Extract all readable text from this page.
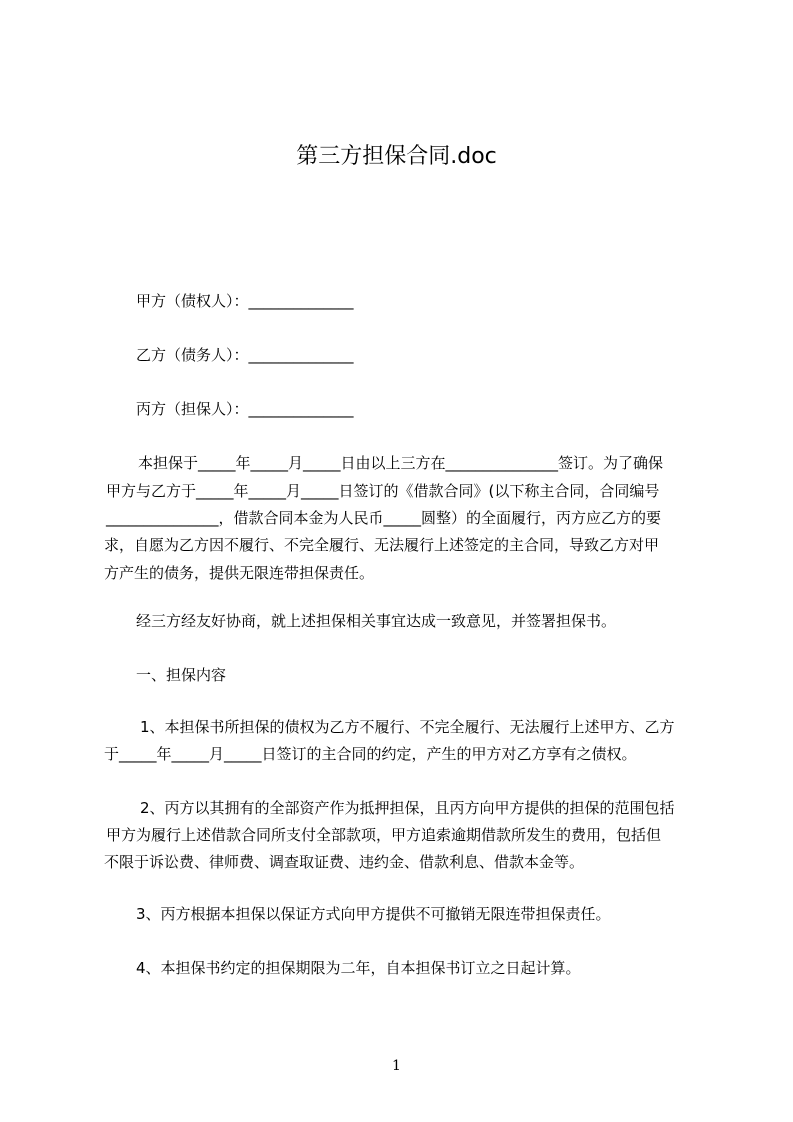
第三方担保合同.doc
甲方（债权人）：______________
乙方（债务人）：______________
丙方（担保人）：______________
本担保于_____年_____月_____日由以上三方在_______________签订。为了确保
甲方与乙方于_____年_____月_____日签订的《借款合同》(以下称主合同，合同编号
_______________，借款合同本金为人民币_____圆整）的全面履行，丙方应乙方的要
求，自愿为乙方因不履行、不完全履行、无法履行上述签定的主合同，导致乙方对甲
方产生的债务，提供无限连带担保责任。
经三方经友好协商，就上述担保相关事宜达成一致意见，并签署担保书。
一、担保内容
1、本担保书所担保的债权为乙方不履行、不完全履行、无法履行上述甲方、乙方
于_____年_____月_____日签订的主合同的约定，产生的甲方对乙方享有之债权。
2、丙方以其拥有的全部资产作为抵押担保，且丙方向甲方提供的担保的范围包括
甲方为履行上述借款合同所支付全部款项，甲方追索逾期借款所发生的费用，包括但
不限于诉讼费、律师费、调查取证费、违约金、借款利息、借款本金等。
3、丙方根据本担保以保证方式向甲方提供不可撤销无限连带担保责任。
4、本担保书约定的担保期限为二年，自本担保书订立之日起计算。
1
